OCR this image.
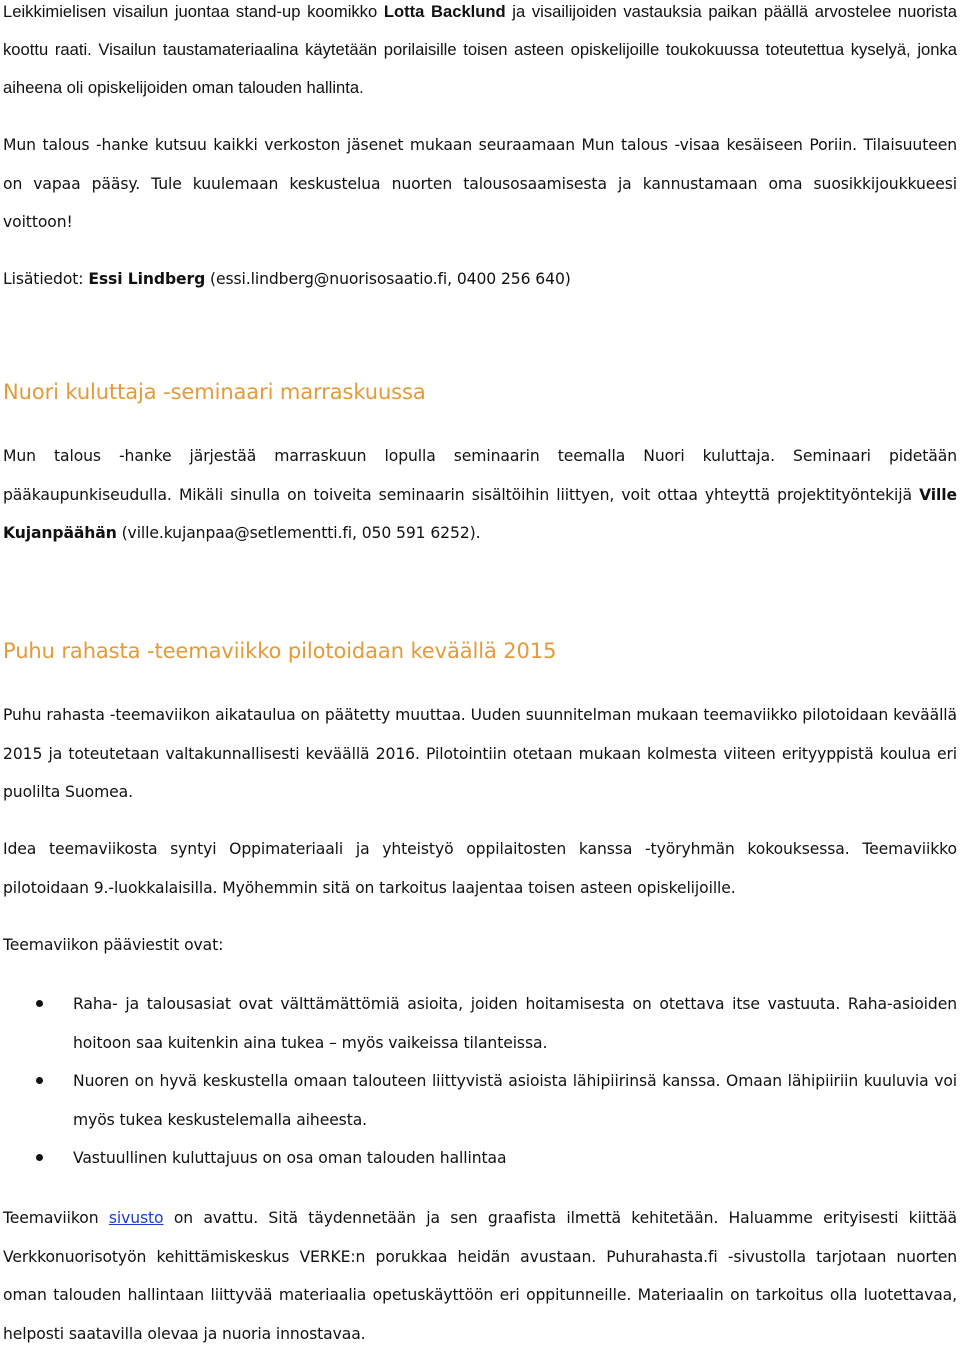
Leikkimielisen visailun juontaa stand-up koomikko Lotta Backlund ja visailijoiden vastauksia paikan päällä arvostelee nuorista koottu raati. Visailun taustamateriaalina käytetään porilaisille toisen asteen opiskelijoille toukokuussa toteutettua kyselyä, jonka aiheena oli opiskelijoiden oman talouden hallinta.

Mun talous -hanke kutsuu kaikki verkoston jäsenet mukaan seuraamaan Mun talous -visaa kesäiseen Poriin. Tilaisuuteen on vapaa pääsy. Tule kuulemaan keskustelua nuorten talousosaamisesta ja kannustamaan oma suosikkijoukkueesi voittoon!

Lisätiedot: Essi Lindberg (essi.lindberg@nuorisosaatio.fi, 0400 256 640)

Nuori kuluttaja -seminaari marraskuussa

Mun talous -hanke järjestää marraskuun lopulla seminaarin teemalla Nuori kuluttaja. Seminaari pidetään pääkaupunkiseudulla. Mikäli sinulla on toiveita seminaarin sisältöihin liittyen, voit ottaa yhteyttä projektityöntekijä Ville Kujanpäähän (ville.kujanpaa@setlementti.fi, 050 591 6252).

Puhu rahasta -teemaviikko pilotoidaan keväällä 2015

Puhu rahasta -teemaviikon aikataulua on päätetty muuttaa. Uuden suunnitelman mukaan teemaviikko pilotoidaan keväällä 2015 ja toteutetaan valtakunnallisesti keväällä 2016. Pilotointiin otetaan mukaan kolmesta viiteen erityyppistä koulua eri puolilta Suomea.

Idea teemaviikosta syntyi Oppimateriaali ja yhteistyö oppilaitosten kanssa -työryhmän kokouksessa. Teemaviikko pilotoidaan 9.-luokkalaisilla. Myöhemmin sitä on tarkoitus laajentaa toisen asteen opiskelijoille.

Teemaviikon pääviestit ovat:

Raha- ja talousasiat ovat välttämättömiä asioita, joiden hoitamisesta on otettava itse vastuuta. Raha-asioiden hoitoon saa kuitenkin aina tukea – myös vaikeissa tilanteissa.
Nuoren on hyvä keskustella omaan talouteen liittyvistä asioista lähipiirinsä kanssa. Omaan lähipiiriin kuuluvia voi myös tukea keskustelemalla aiheesta.
Vastuullinen kuluttajuus on osa oman talouden hallintaa

Teemaviikon sivusto on avattu. Sitä täydennetään ja sen graafista ilmettä kehitetään. Haluamme erityisesti kiittää Verkkonuorisotyön kehittämiskeskus VERKE:n porukkaa heidän avustaan. Puhurahasta.fi -sivustolla tarjotaan nuorten oman talouden hallintaan liittyvää materiaalia opetuskäyttöön eri oppitunneille. Materiaalin on tarkoitus olla luotettavaa, helposti saatavilla olevaa ja nuoria innostavaa.
